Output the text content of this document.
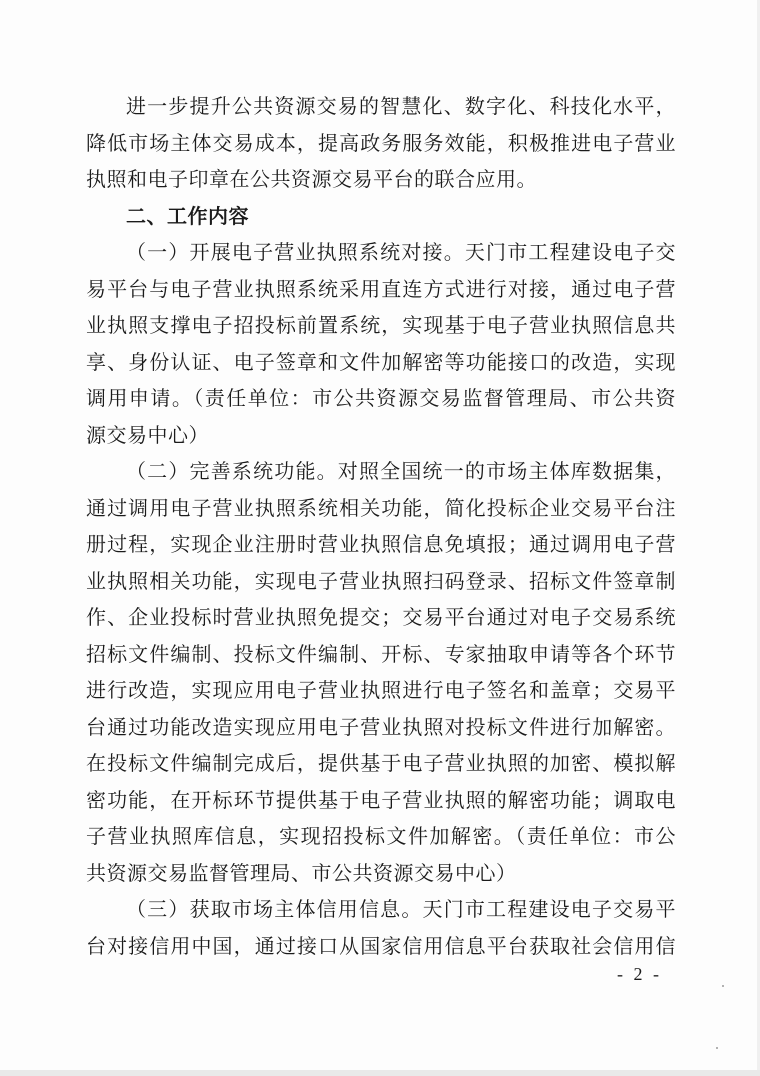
进一步提升公共资源交易的智慧化、数字化、科技化水平，
降低市场主体交易成本，提高政务服务效能，积极推进电子营业
执照和电子印章在公共资源交易平台的联合应用。
二、工作内容
（一）开展电子营业执照系统对接。天门市工程建设电子交
易平台与电子营业执照系统采用直连方式进行对接，通过电子营
业执照支撑电子招投标前置系统，实现基于电子营业执照信息共
享、身份认证、电子签章和文件加解密等功能接口的改造，实现
调用申请。（责任单位：市公共资源交易监督管理局、市公共资
源交易中心）
（二）完善系统功能。对照全国统一的市场主体库数据集，
通过调用电子营业执照系统相关功能，简化投标企业交易平台注
册过程，实现企业注册时营业执照信息免填报；通过调用电子营
业执照相关功能，实现电子营业执照扫码登录、招标文件签章制
作、企业投标时营业执照免提交；交易平台通过对电子交易系统
招标文件编制、投标文件编制、开标、专家抽取申请等各个环节
进行改造，实现应用电子营业执照进行电子签名和盖章；交易平
台通过功能改造实现应用电子营业执照对投标文件进行加解密。
在投标文件编制完成后，提供基于电子营业执照的加密、模拟解
密功能，在开标环节提供基于电子营业执照的解密功能；调取电
子营业执照库信息，实现招投标文件加解密。（责任单位：市公
共资源交易监督管理局、市公共资源交易中心）
（三）获取市场主体信用信息。天门市工程建设电子交易平
台对接信用中国，通过接口从国家信用信息平台获取社会信用信
- 2 -
